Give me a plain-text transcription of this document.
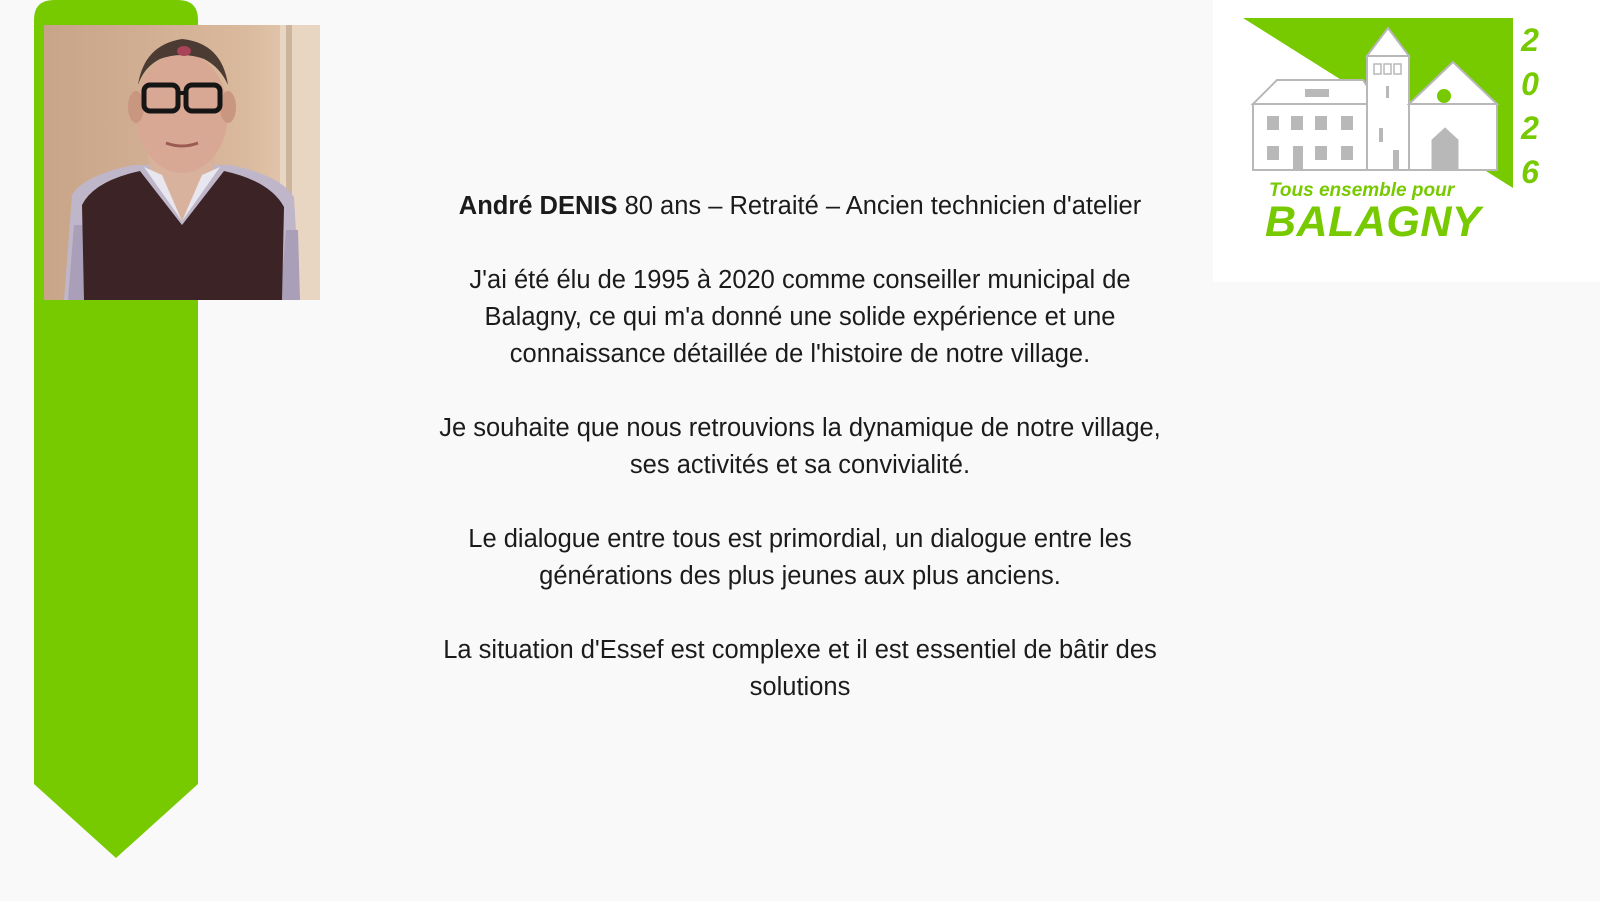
André DENIS 80 ans – Retraité – Ancien technicien d'atelier

J'ai été élu de 1995 à 2020 comme conseiller municipal de Balagny, ce qui m'a donné une solide expérience et une connaissance détaillée de l'histoire de notre village.

Je souhaite que nous retrouvions la dynamique de notre village, ses activités et sa convivialité.

Le dialogue entre tous est primordial, un dialogue entre les générations des plus jeunes aux plus anciens.

La situation d'Essef est complexe et il est essentiel de bâtir des solutions

2
0
2
6
Tous ensemble pour
BALAGNY
